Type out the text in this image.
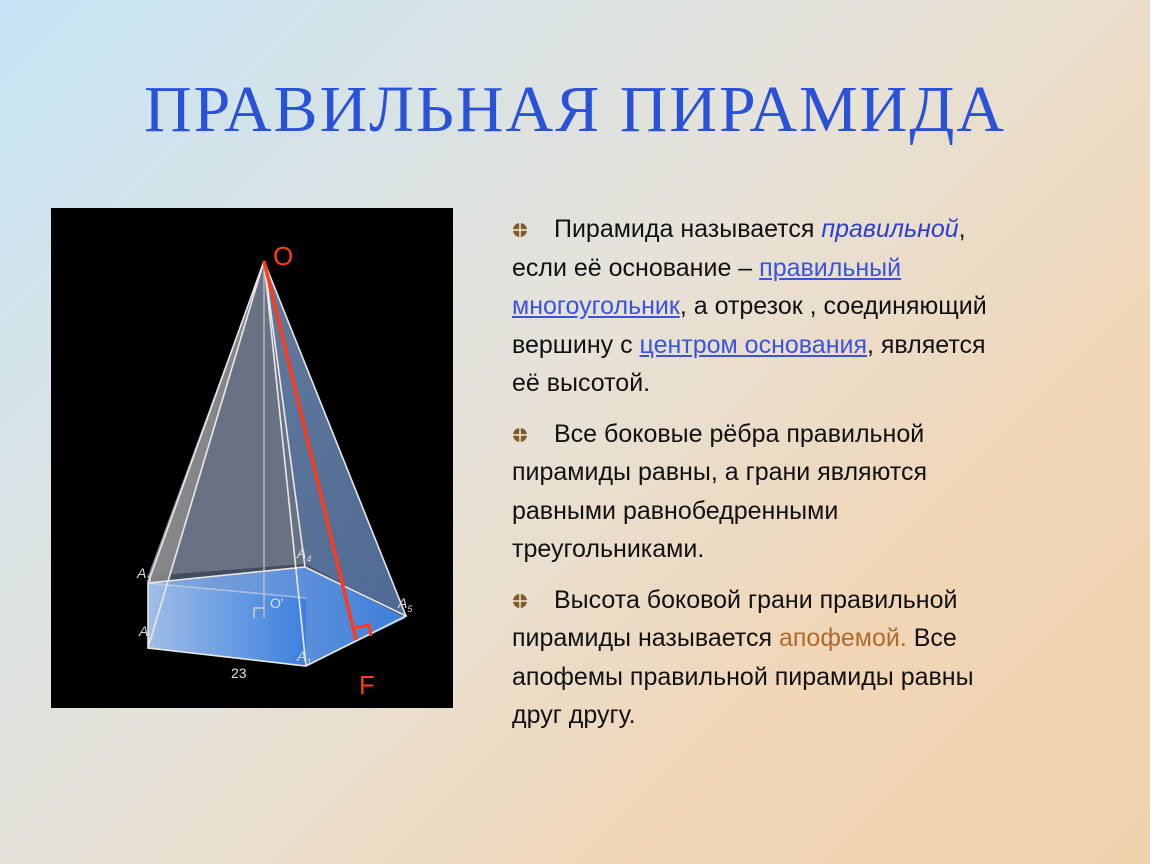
ПРАВИЛЬНАЯ ПИРАМИДА
O
F
O'
23
$A_1$
$A_2$
$A_3$
$A_4$
$A_5$
Пирамида называется правильной,
если её основание – правильный
многоугольник, а отрезок , соединяющий
вершину с центром основания, является
её высотой.
Все боковые рёбра правильной
пирамиды равны, а грани являются
равными равнобедренными
треугольниками.
Высота боковой грани правильной
пирамиды называется апофемой. Все
апофемы правильной пирамиды равны
друг другу.
